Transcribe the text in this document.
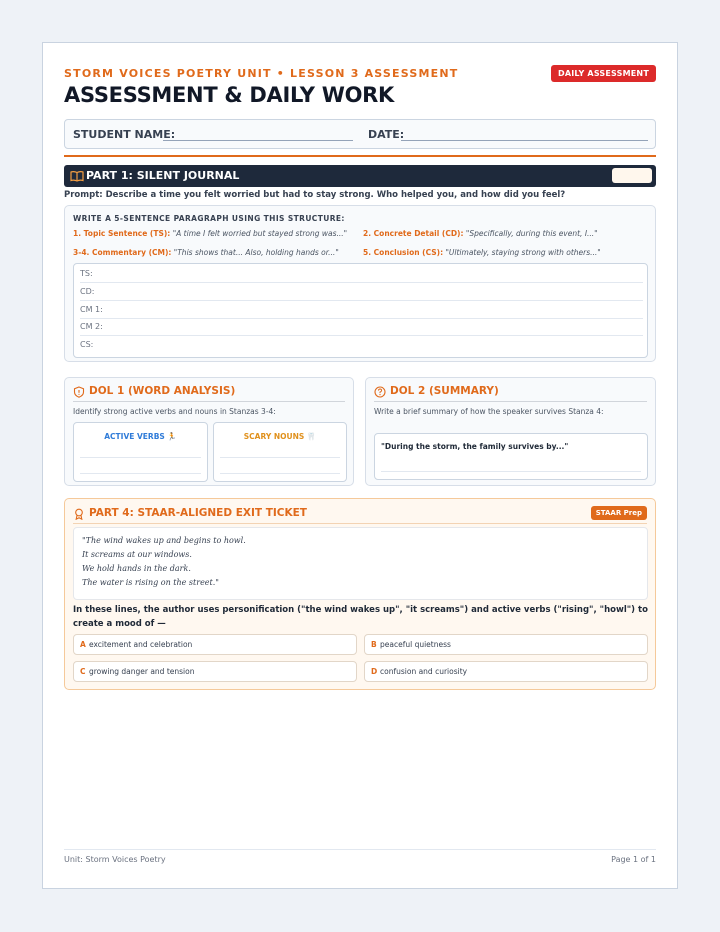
STORM VOICES POETRY UNIT • LESSON 3 ASSESSMENT	DAILY ASSESSMENT
ASSESSMENT & DAILY WORK
STUDENT NAME:	DATE:
PART 1: SILENT JOURNAL
Prompt: Describe a time you felt worried but had to stay strong. Who helped you, and how did you feel?
WRITE A 5-SENTENCE PARAGRAPH USING THIS STRUCTURE:
1. Topic Sentence (TS): "A time I felt worried but stayed strong was..." 2. Concrete Detail (CD): "Specifically, during this event, I..."
3-4. Commentary (CM): "This shows that... Also, holding hands or..."	5. Conclusion (CS): "Ultimately, staying strong with others..."
TS:
CD:
CM 1:
CM 2:
CS:
DOL 1 (WORD ANALYSIS)
Identify strong active verbs and nouns in Stanzas 3-4:
ACTIVE VERBS 🏃	SCARY NOUNS 🦷
DOL 2 (SUMMARY)
Write a brief summary of how the speaker survives Stanza 4:
"During the storm, the family survives by..."
PART 4: STAAR-ALIGNED EXIT TICKET	STAAR Prep
"The wind wakes up and begins to howl.
It screams at our windows.
We hold hands in the dark.
The water is rising on the street."
In these lines, the author uses personification ("the wind wakes up", "it screams") and active verbs ("rising", "howl") to create a mood of —
A excitement and celebration	B peaceful quietness
C growing danger and tension	D confusion and curiosity
Unit: Storm Voices Poetry	Page 1 of 1
